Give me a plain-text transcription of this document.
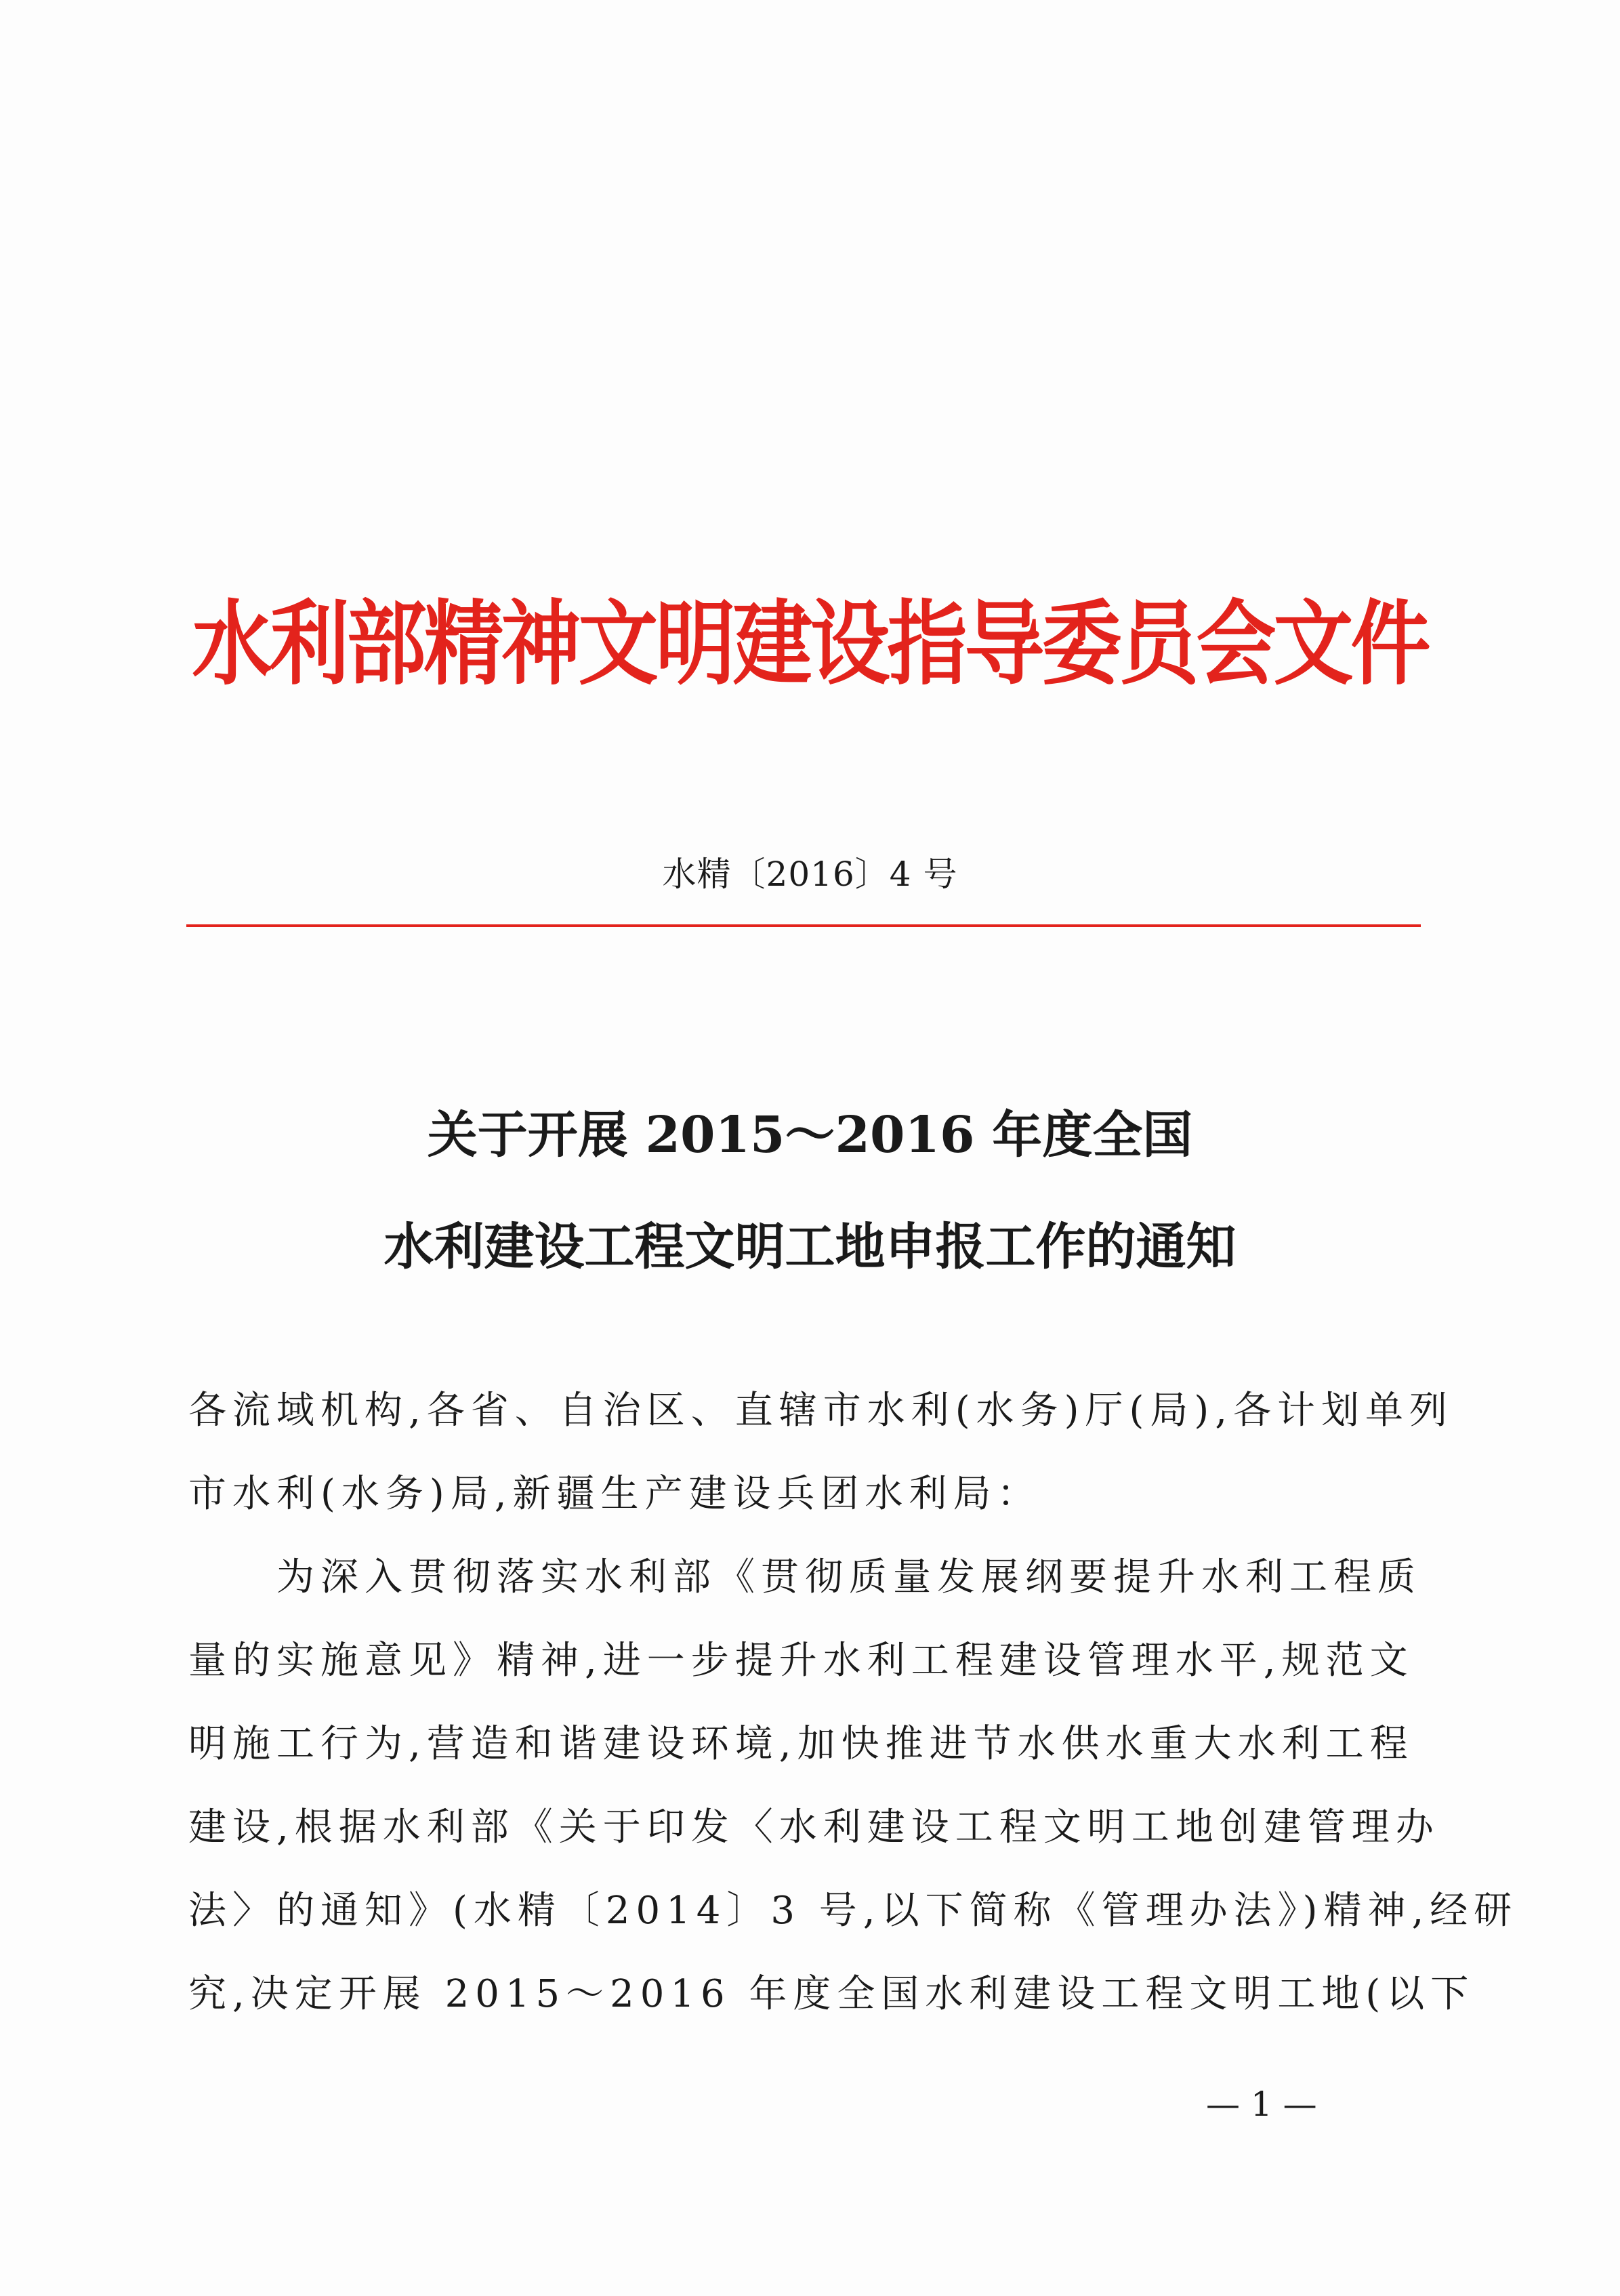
水利部精神文明建设指导委员会文件
水精〔2016〕4 号
关于开展 2015～2016 年度全国
水利建设工程文明工地申报工作的通知
各流域机构,各省、自治区、直辖市水利(水务)厅(局),各计划单列
市水利(水务)局,新疆生产建设兵团水利局：
　　为深入贯彻落实水利部《贯彻质量发展纲要提升水利工程质
量的实施意见》精神,进一步提升水利工程建设管理水平,规范文
明施工行为,营造和谐建设环境,加快推进节水供水重大水利工程
建设,根据水利部《关于印发〈水利建设工程文明工地创建管理办
法〉的通知》(水精〔2014〕3 号,以下简称《管理办法》)精神,经研
究,决定开展 2015～2016 年度全国水利建设工程文明工地(以下
— 1 —
